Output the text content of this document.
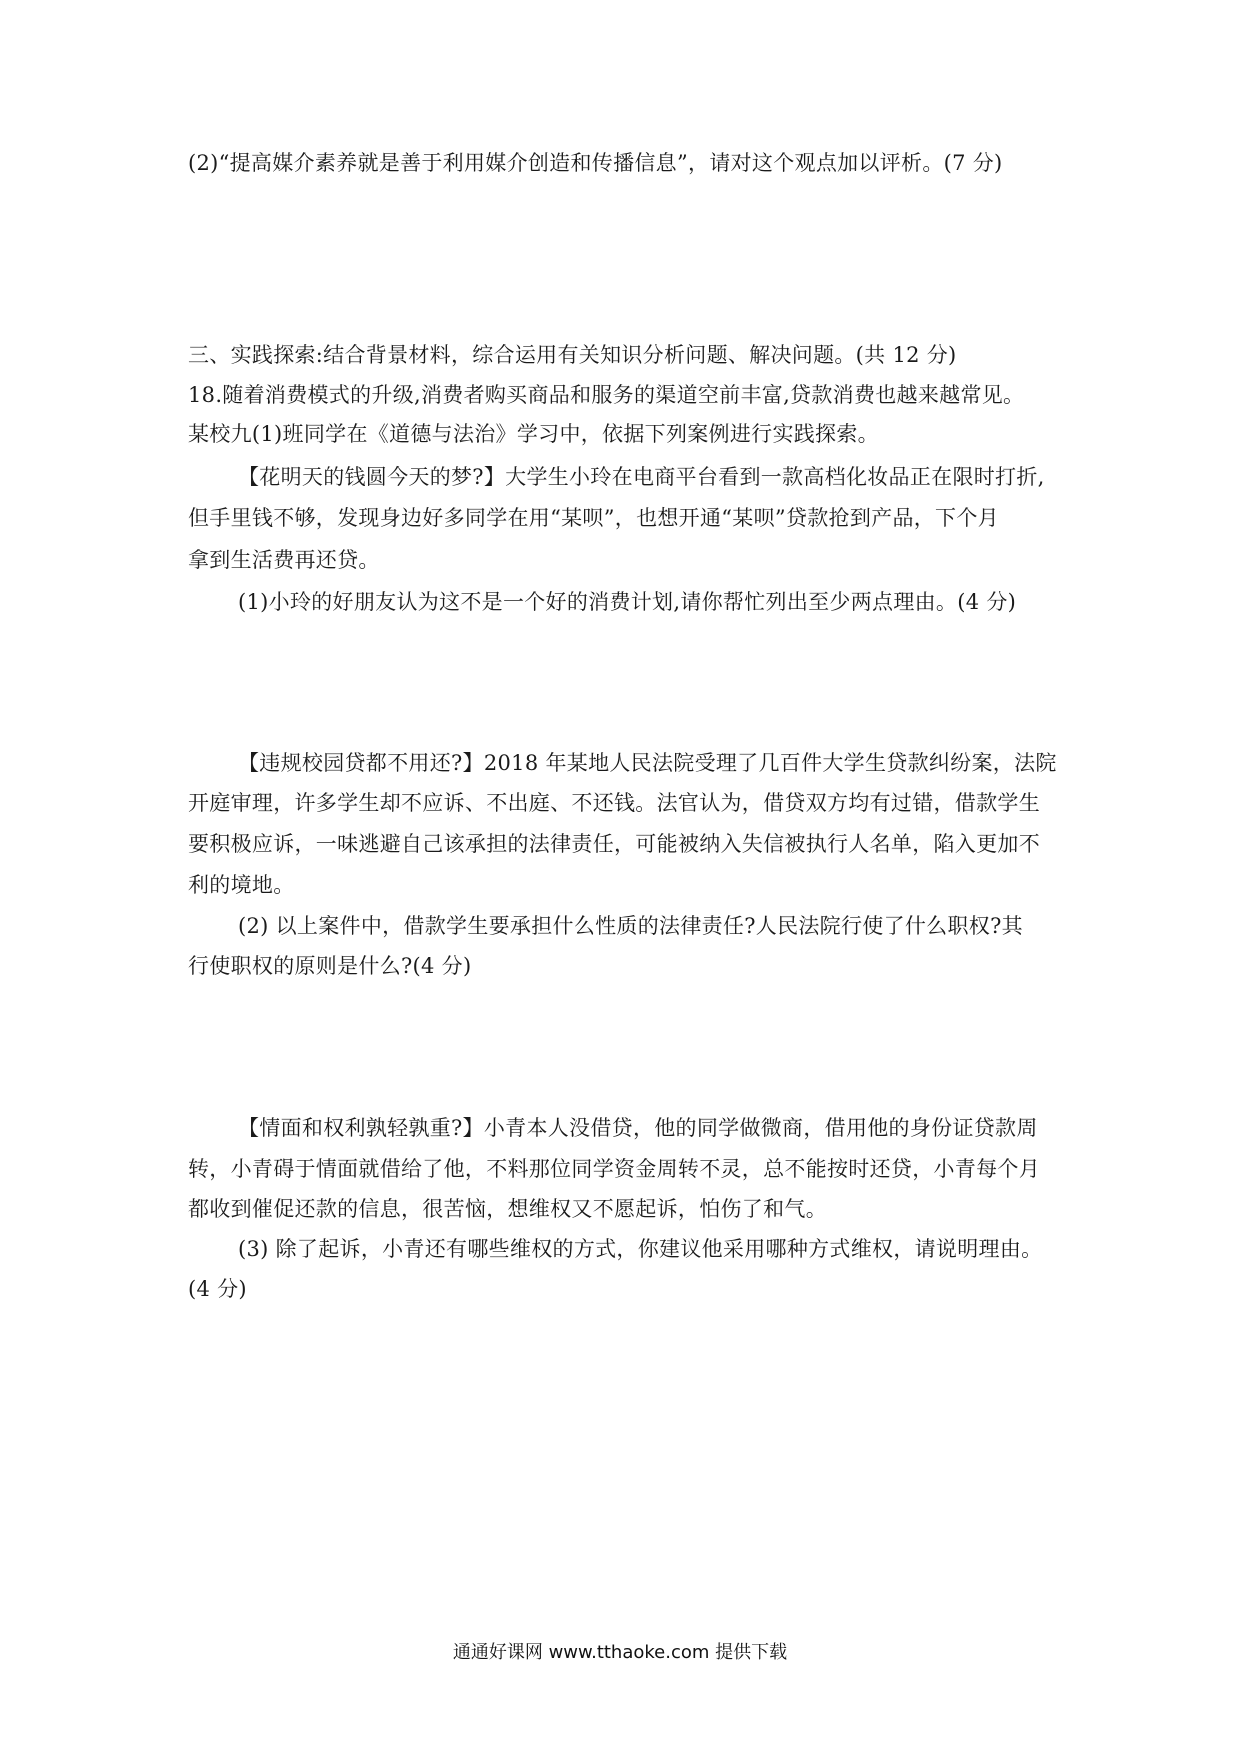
(2)“提高媒介素养就是善于利用媒介创造和传播信息”，请对这个观点加以评析。(7 分)
三、实践探索:结合背景材料，综合运用有关知识分析问题、解决问题。(共 12 分)
18.随着消费模式的升级,消费者购买商品和服务的渠道空前丰富,贷款消费也越来越常见。
某校九(1)班同学在《道德与法治》学习中，依据下列案例进行实践探索。
【花明天的钱圆今天的梦?】大学生小玲在电商平台看到一款高档化妆品正在限时打折,
但手里钱不够，发现身边好多同学在用“某呗”，也想开通“某呗”贷款抢到产品，下个月
拿到生活费再还贷。
(1)小玲的好朋友认为这不是一个好的消费计划,请你帮忙列出至少两点理由。(4 分)
【违规校园贷都不用还?】2018 年某地人民法院受理了几百件大学生贷款纠纷案，法院
开庭审理，许多学生却不应诉、不出庭、不还钱。法官认为，借贷双方均有过错，借款学生
要积极应诉，一味逃避自己该承担的法律责任，可能被纳入失信被执行人名单，陷入更加不
利的境地。
(2) 以上案件中，借款学生要承担什么性质的法律责任?人民法院行使了什么职权?其
行使职权的原则是什么?(4 分)
【情面和权利孰轻孰重?】小青本人没借贷，他的同学做微商，借用他的身份证贷款周
转，小青碍于情面就借给了他，不料那位同学资金周转不灵，总不能按时还贷，小青每个月
都收到催促还款的信息，很苦恼，想维权又不愿起诉，怕伤了和气。
(3) 除了起诉，小青还有哪些维权的方式，你建议他采用哪种方式维权，请说明理由。
(4 分)
通通好课网 www.tthaoke.com 提供下载
